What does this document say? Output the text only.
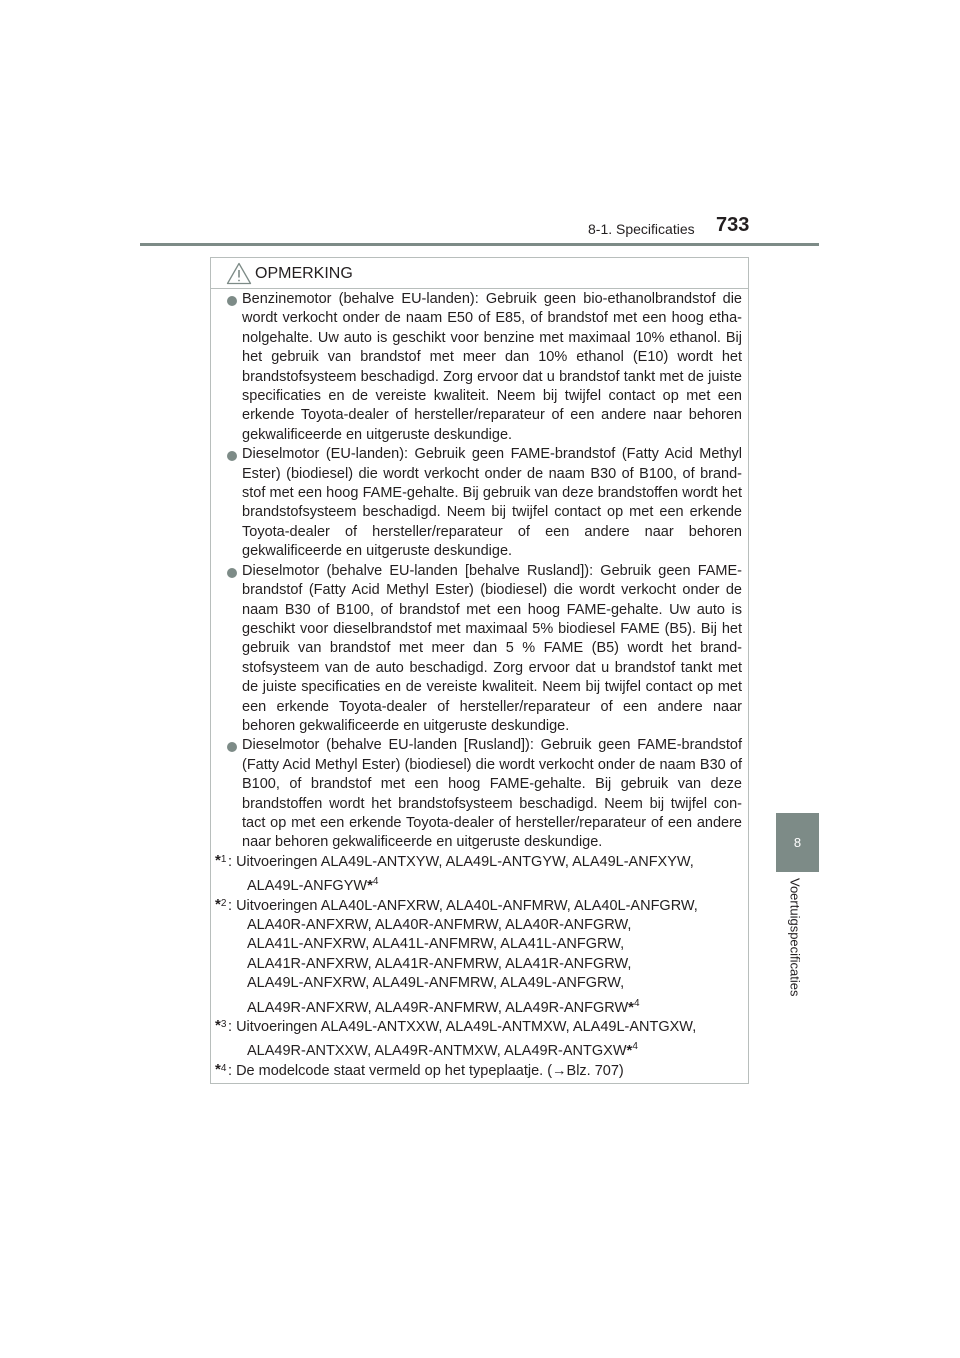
8-1. Specificaties 733
8
Voertuigspecificaties
OPMERKING
Benzinemotor (behalve EU-landen): Gebruik geen bio-ethanolbrandstof die wordt verkocht onder de naam E50 of E85, of brandstof met een hoog etha-nolgehalte. Uw auto is geschikt voor benzine met maximaal 10% ethanol. Bij het gebruik van brandstof met meer dan 10% ethanol (E10) wordt het brandstofsysteem beschadigd. Zorg ervoor dat u brandstof tankt met de juiste specificaties en de vereiste kwaliteit. Neem bij twijfel contact op met een erkende Toyota-dealer of hersteller/reparateur of een andere naar behoren gekwalificeerde en uitgeruste deskundige.
Dieselmotor (EU-landen): Gebruik geen FAME-brandstof (Fatty Acid Methyl Ester) (biodiesel) die wordt verkocht onder de naam B30 of B100, of brand-stof met een hoog FAME-gehalte. Bij gebruik van deze brandstoffen wordt het brandstofsysteem beschadigd. Neem bij twijfel contact op met een erkende Toyota-dealer of hersteller/reparateur of een andere naar behoren gekwalificeerde en uitgeruste deskundige.
Dieselmotor (behalve EU-landen [behalve Rusland]): Gebruik geen FAME-brandstof (Fatty Acid Methyl Ester) (biodiesel) die wordt verkocht onder de naam B30 of B100, of brandstof met een hoog FAME-gehalte. Uw auto is geschikt voor dieselbrandstof met maximaal 5% biodiesel FAME (B5). Bij het gebruik van brandstof met meer dan 5 % FAME (B5) wordt het brand-stofsysteem van de auto beschadigd. Zorg ervoor dat u brandstof tankt met de juiste specificaties en de vereiste kwaliteit. Neem bij twijfel contact op met een erkende Toyota-dealer of hersteller/reparateur of een andere naar behoren gekwalificeerde en uitgeruste deskundige.
Dieselmotor (behalve EU-landen [Rusland]): Gebruik geen FAME-brandstof (Fatty Acid Methyl Ester) (biodiesel) die wordt verkocht onder de naam B30 of B100, of brandstof met een hoog FAME-gehalte. Bij gebruik van deze brandstoffen wordt het brandstofsysteem beschadigd. Neem bij twijfel con-tact op met een erkende Toyota-dealer of hersteller/reparateur of een andere naar behoren gekwalificeerde en uitgeruste deskundige.
*$^1$ : Uitvoeringen ALA49L-ANTXYW, ALA49L-ANTGYW, ALA49L-ANFXYW,
ALA49L-ANFGYW*$^4$
*$^2$ : Uitvoeringen ALA40L-ANFXRW, ALA40L-ANFMRW, ALA40L-ANFGRW,
ALA40R-ANFXRW, ALA40R-ANFMRW, ALA40R-ANFGRW,
ALA41L-ANFXRW, ALA41L-ANFMRW, ALA41L-ANFGRW,
ALA41R-ANFXRW, ALA41R-ANFMRW, ALA41R-ANFGRW,
ALA49L-ANFXRW, ALA49L-ANFMRW, ALA49L-ANFGRW,
ALA49R-ANFXRW, ALA49R-ANFMRW, ALA49R-ANFGRW*$^4$
*$^3$ : Uitvoeringen ALA49L-ANTXXW, ALA49L-ANTMXW, ALA49L-ANTGXW,
ALA49R-ANTXXW, ALA49R-ANTMXW, ALA49R-ANTGXW*$^4$
*$^4$ : De modelcode staat vermeld op het typeplaatje. (→Blz. 707)
